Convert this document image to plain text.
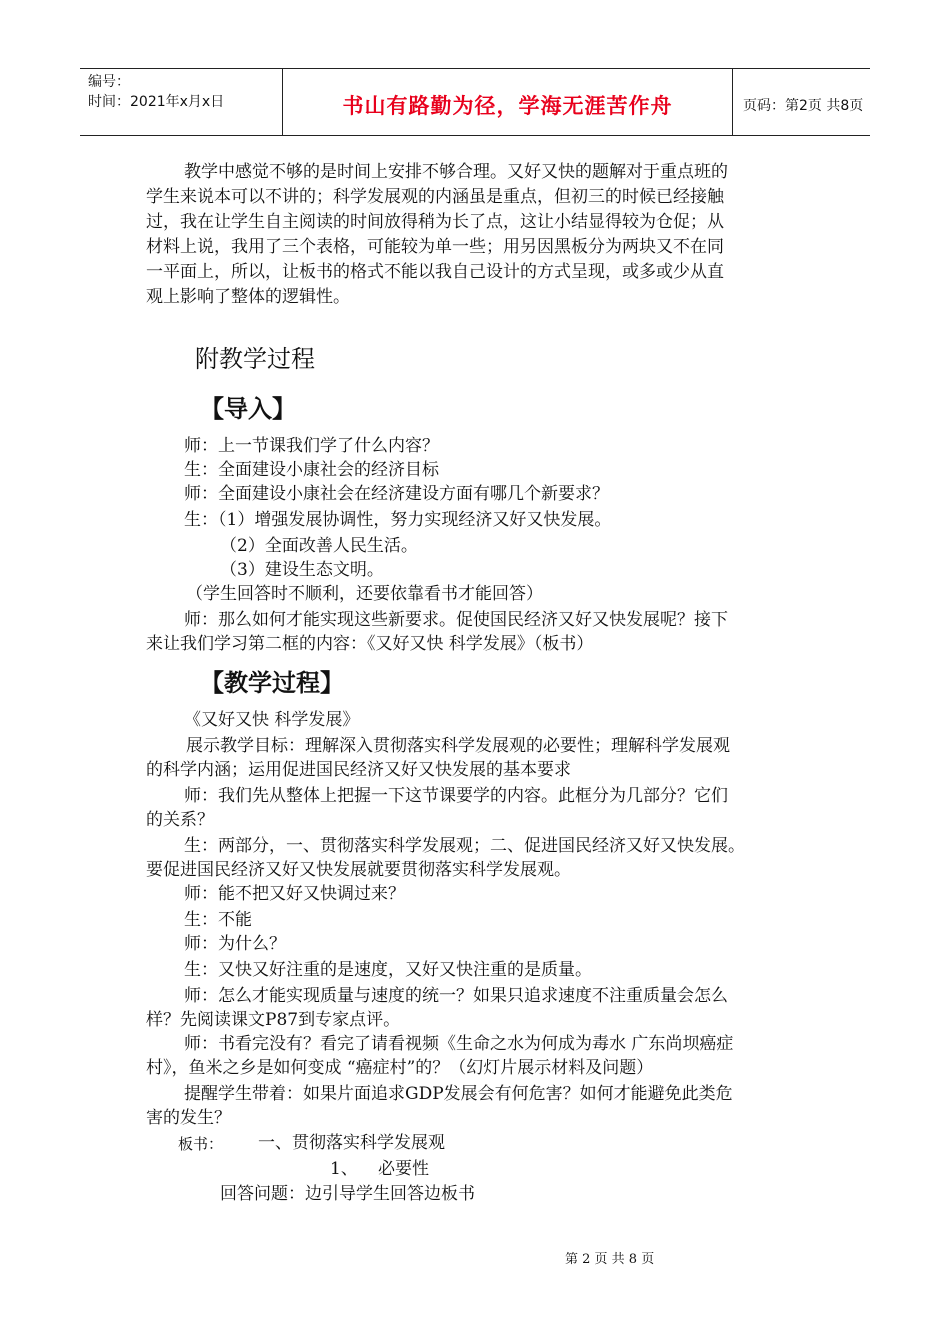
编号：
时间：2021年x月x日	书山有路勤为径，学海无涯苦作舟	页码：第2页 共8页
教学中感觉不够的是时间上安排不够合理。又好又快的题解对于重点班的
学生来说本可以不讲的；科学发展观的内涵虽是重点，但初三的时候已经接触
过，我在让学生自主阅读的时间放得稍为长了点，这让小结显得较为仓促；从
材料上说，我用了三个表格，可能较为单一些；用另因黑板分为两块又不在同
一平面上，所以，让板书的格式不能以我自己设计的方式呈现，或多或少从直
观上影响了整体的逻辑性。
附教学过程
【导入】
师：上一节课我们学了什么内容？
生：全面建设小康社会的经济目标
师：全面建设小康社会在经济建设方面有哪几个新要求？
生：（1）增强发展协调性，努力实现经济又好又快发展。
（2）全面改善人民生活。
（3）建设生态文明。
（学生回答时不顺利，还要依靠看书才能回答）
师：那么如何才能实现这些新要求。促使国民经济又好又快发展呢？接下
来让我们学习第二框的内容：《又好又快 科学发展》（板书）
【教学过程】
《又好又快 科学发展》
展示教学目标：理解深入贯彻落实科学发展观的必要性；理解科学发展观
的科学内涵；运用促进国民经济又好又快发展的基本要求
师：我们先从整体上把握一下这节课要学的内容。此框分为几部分？它们
的关系？
生：两部分，一、贯彻落实科学发展观；二、促进国民经济又好又快发展。
要促进国民经济又好又快发展就要贯彻落实科学发展观。
师：能不把又好又快调过来？
生：不能
师：为什么？
生：又快又好注重的是速度，又好又快注重的是质量。
师：怎么才能实现质量与速度的统一？如果只追求速度不注重质量会怎么
样？先阅读课文P87到专家点评。
师：书看完没有？看完了请看视频《生命之水为何成为毒水 广东尚坝癌症
村》，鱼米之乡是如何变成 “癌症村”的？（幻灯片展示材料及问题）
提醒学生带着：如果片面追求GDP发展会有何危害？如何才能避免此类危
害的发生？
板书： 一、贯彻落实科学发展观
1、 必要性
回答问题：边引导学生回答边板书
第 2 页 共 8 页
